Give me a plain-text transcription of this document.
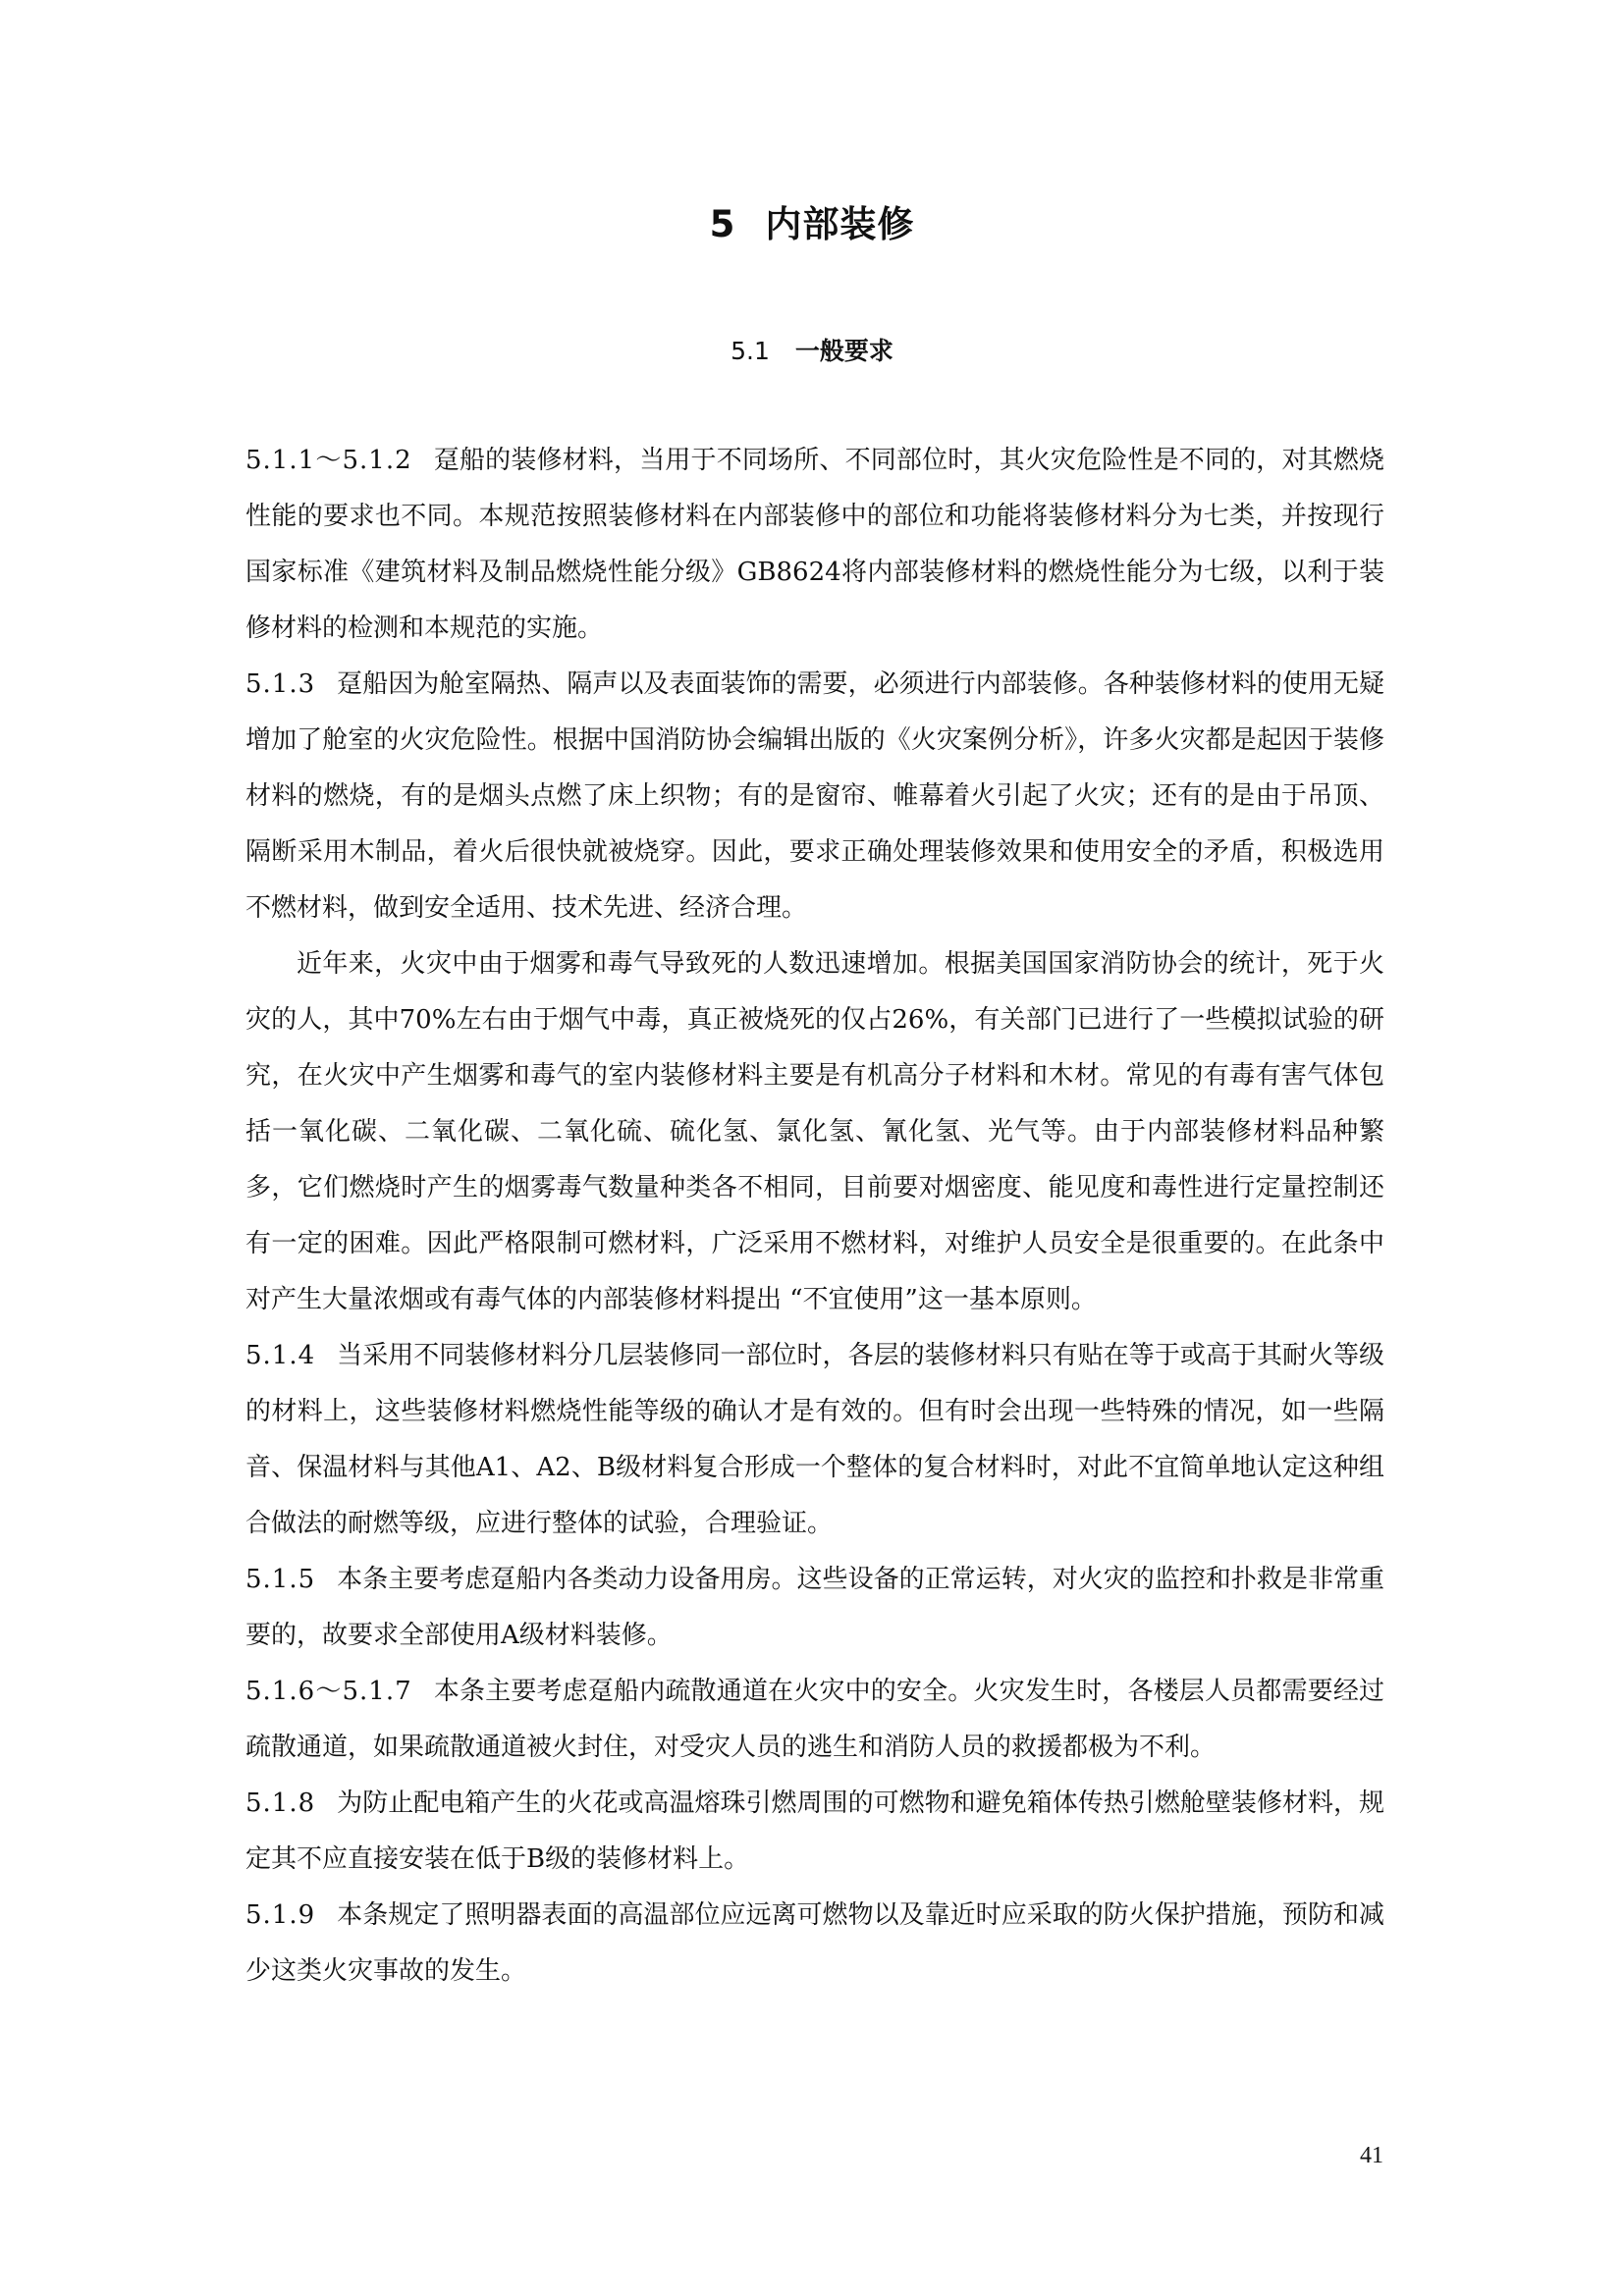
5 内部装修
5.1 一般要求

5.1.1～5.1.2 趸船的装修材料，当用于不同场所、不同部位时，其火灾危险性是不同的，对其燃烧性能的要求也不同。本规范按照装修材料在内部装修中的部位和功能将装修材料分为七类，并按现行国家标准《建筑材料及制品燃烧性能分级》GB8624将内部装修材料的燃烧性能分为七级，以利于装修材料的检测和本规范的实施。

5.1.3 趸船因为舱室隔热、隔声以及表面装饰的需要，必须进行内部装修。各种装修材料的使用无疑增加了舱室的火灾危险性。根据中国消防协会编辑出版的《火灾案例分析》，许多火灾都是起因于装修材料的燃烧，有的是烟头点燃了床上织物；有的是窗帘、帷幕着火引起了火灾；还有的是由于吊顶、隔断采用木制品，着火后很快就被烧穿。因此，要求正确处理装修效果和使用安全的矛盾，积极选用不燃材料，做到安全适用、技术先进、经济合理。

近年来，火灾中由于烟雾和毒气导致死的人数迅速增加。根据美国国家消防协会的统计，死于火灾的人，其中70%左右由于烟气中毒，真正被烧死的仅占26%，有关部门已进行了一些模拟试验的研究，在火灾中产生烟雾和毒气的室内装修材料主要是有机高分子材料和木材。常见的有毒有害气体包括一氧化碳、二氧化碳、二氧化硫、硫化氢、氯化氢、氰化氢、光气等。由于内部装修材料品种繁多，它们燃烧时产生的烟雾毒气数量种类各不相同，目前要对烟密度、能见度和毒性进行定量控制还有一定的困难。因此严格限制可燃材料，广泛采用不燃材料，对维护人员安全是很重要的。在此条中对产生大量浓烟或有毒气体的内部装修材料提出 “不宜使用”这一基本原则。

5.1.4 当采用不同装修材料分几层装修同一部位时，各层的装修材料只有贴在等于或高于其耐火等级的材料上，这些装修材料燃烧性能等级的确认才是有效的。但有时会出现一些特殊的情况，如一些隔音、保温材料与其他A1、A2、B级材料复合形成一个整体的复合材料时，对此不宜简单地认定这种组合做法的耐燃等级，应进行整体的试验，合理验证。

5.1.5 本条主要考虑趸船内各类动力设备用房。这些设备的正常运转，对火灾的监控和扑救是非常重要的，故要求全部使用A级材料装修。

5.1.6～5.1.7 本条主要考虑趸船内疏散通道在火灾中的安全。火灾发生时，各楼层人员都需要经过疏散通道，如果疏散通道被火封住，对受灾人员的逃生和消防人员的救援都极为不利。

5.1.8 为防止配电箱产生的火花或高温熔珠引燃周围的可燃物和避免箱体传热引燃舱壁装修材料，规定其不应直接安装在低于B级的装修材料上。

5.1.9 本条规定了照明器表面的高温部位应远离可燃物以及靠近时应采取的防火保护措施，预防和减少这类火灾事故的发生。

41
